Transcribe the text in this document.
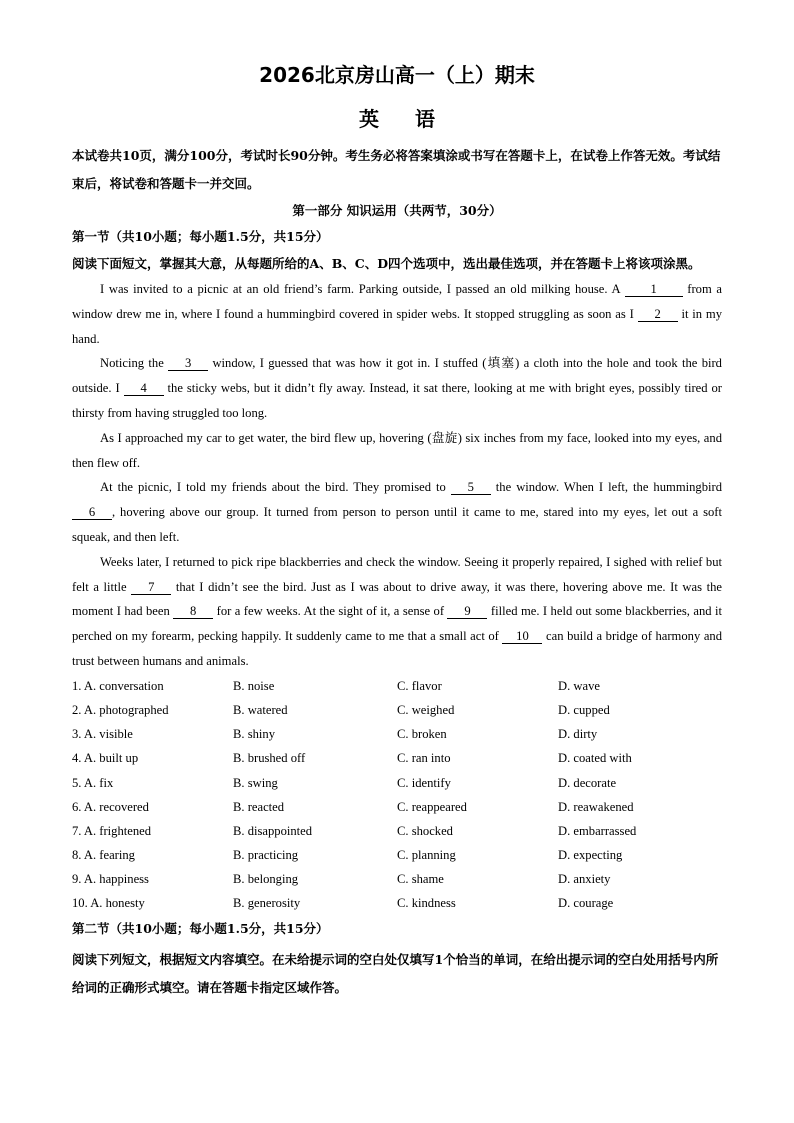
2026北京房山高一（上）期末
英语
本试卷共10页，满分100分，考试时长90分钟。考生务必将答案填涂或书写在答题卡上，在试卷上作答无效。考试结束后，将试卷和答题卡一并交回。
第一部分 知识运用（共两节，30分）
第一节（共10小题；每小题1.5分，共15分）
阅读下面短文，掌握其大意，从每题所给的A、B、C、D四个选项中，选出最佳选项，并在答题卡上将该项涂黑。

I was invited to a picnic at an old friend’s farm. Parking outside, I passed an old milking house. A 1 from a window drew me in, where I found a hummingbird covered in spider webs. It stopped struggling as soon as I 2 it in my hand.

Noticing the 3 window, I guessed that was how it got in. I stuffed (填塞) a cloth into the hole and took the bird outside. I 4 the sticky webs, but it didn’t fly away. Instead, it sat there, looking at me with bright eyes, possibly tired or thirsty from having struggled too long.

As I approached my car to get water, the bird flew up, hovering (盘旋) six inches from my face, looked into my eyes, and then flew off.

At the picnic, I told my friends about the bird. They promised to 5 the window. When I left, the hummingbird 6 , hovering above our group. It turned from person to person until it came to me, stared into my eyes, let out a soft squeak, and then left.

Weeks later, I returned to pick ripe blackberries and check the window. Seeing it properly repaired, I sighed with relief but felt a little 7 that I didn’t see the bird. Just as I was about to drive away, it was there, hovering above me. It was the moment I had been 8 for a few weeks. At the sight of it, a sense of 9 filled me. I held out some blackberries, and it perched on my forearm, pecking happily. It suddenly came to me that a small act of 10 can build a bridge of harmony and trust between humans and animals.

1. A. conversation	B. noise	C. flavor	D. wave
2. A. photographed	B. watered	C. weighed	D. cupped
3. A. visible	B. shiny	C. broken	D. dirty
4. A. built up	B. brushed off	C. ran into	D. coated with
5. A. fix	B. swing	C. identify	D. decorate
6. A. recovered	B. reacted	C. reappeared	D. reawakened
7. A. frightened	B. disappointed	C. shocked	D. embarrassed
8. A. fearing	B. practicing	C. planning	D. expecting
9. A. happiness	B. belonging	C. shame	D. anxiety
10. A. honesty	B. generosity	C. kindness	D. courage
第二节（共10小题；每小题1.5分，共15分）
阅读下列短文，根据短文内容填空。在未给提示词的空白处仅填写1个恰当的单词，在给出提示词的空白处用括号内所给词的正确形式填空。请在答题卡指定区域作答。
